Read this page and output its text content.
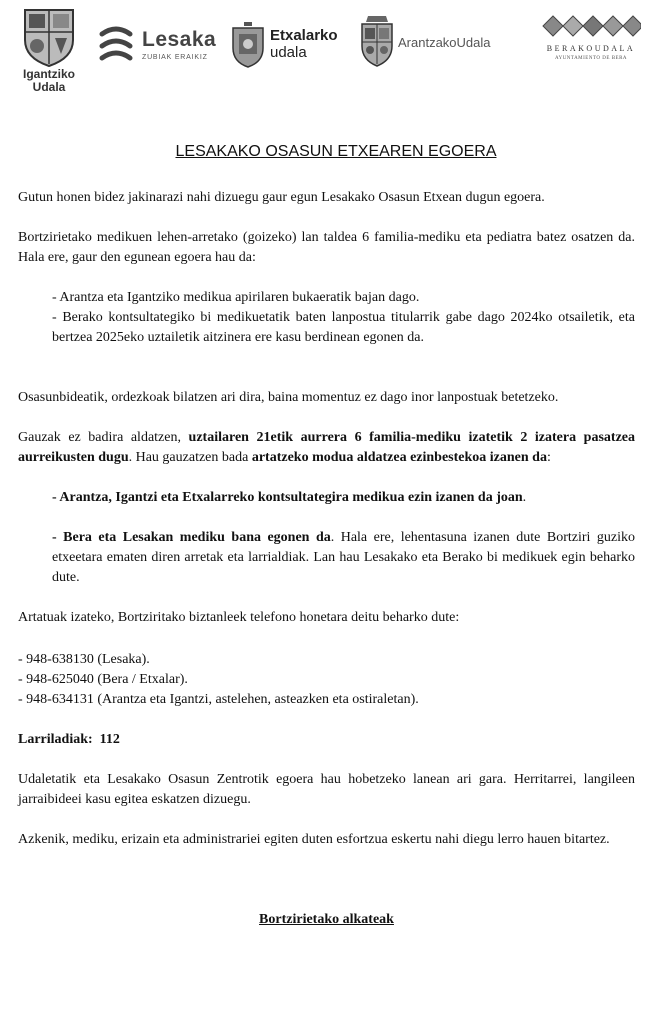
Igantziko
Udala
Lesaka
ZUBIAK ERAIKIZ
Etxalarko
udala
ArantzakoUdala	BERAKOUDALA
AYUNTAMIENTO DE BERA
LESAKAKO OSASUN ETXEAREN EGOERA

Gutun honen bidez jakinarazi nahi dizuegu gaur egun Lesakako Osasun Etxean dugun egoera.

Bortzirietako medikuen lehen-arretako (goizeko) lan taldea 6 familia-mediku eta pediatra batez osatzen da. Hala ere, gaur den egunean egoera hau da:

- Arantza eta Igantziko medikua apirilaren bukaeratik bajan dago.

- Berako kontsultategiko bi medikuetatik baten lanpostua titularrik gabe dago 2024ko otsailetik, eta bertzea 2025eko uztailetik aitzinera ere kasu berdinean egonen da.

Osasunbideatik, ordezkoak bilatzen ari dira, baina momentuz ez dago inor lanpostuak betetzeko.

Gauzak ez badira aldatzen, uztailaren 21etik aurrera 6 familia-mediku izatetik 2 izatera pasatzea aurreikusten dugu. Hau gauzatzen bada artatzeko modua aldatzea ezinbestekoa izanen da:

- Arantza, Igantzi eta Etxalarreko kontsultategira medikua ezin izanen da joan.

- Bera eta Lesakan mediku bana egonen da. Hala ere, lehentasuna izanen dute Bortziri guziko etxeetara ematen diren arretak eta larrialdiak. Lan hau Lesakako eta Berako bi medikuek egin beharko dute.

Artatuak izateko, Bortziritako biztanleek telefono honetara deitu beharko dute:

- 948-638130 (Lesaka).

- 948-625040 (Bera / Etxalar).

- 948-634131 (Arantza eta Igantzi, astelehen, asteazken eta ostiraletan).

Larriladiak: 112

Udaletatik eta Lesakako Osasun Zentrotik egoera hau hobetzeko lanean ari gara. Herritarrei, langileen jarraibideei kasu egitea eskatzen dizuegu.

Azkenik, mediku, erizain eta administrariei egiten duten esfortzua eskertu nahi diegu lerro hauen bitartez.

Bortzirietako alkateak
